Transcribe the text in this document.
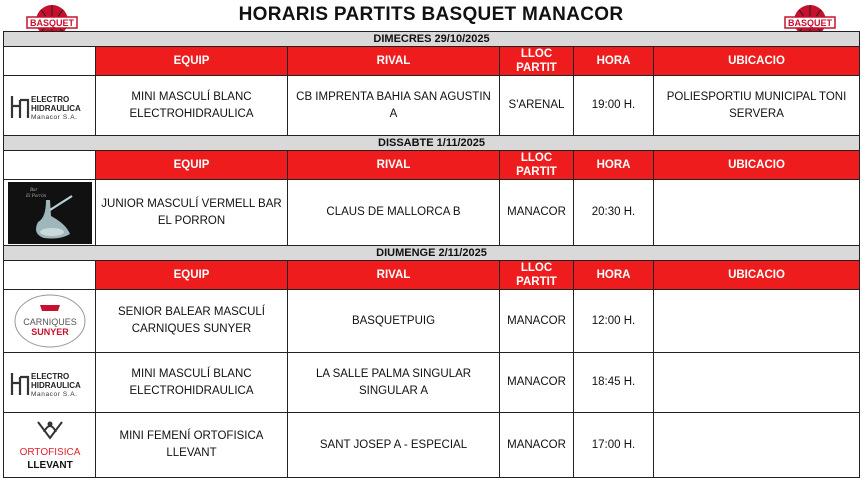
HORARIS PARTITS BASQUET MANACOR
BASQUET	BASQUET
DIMECRES 29/10/2025					
	EQUIP	RIVAL	LLOC PARTIT	HORA	UBICACIO

ELECTRO
HIDRAULICA
Manacor S.A.	MINI MASCULÍ BLANC ELECTROHIDRAULICA	CB IMPRENTA BAHIA SAN AGUSTIN A	S'ARENAL	19:00 H.	POLIESPORTIU MUNICIPAL TONI SERVERA
DISSABTE 1/11/2025					
	EQUIP	RIVAL	LLOC PARTIT	HORA	UBICACIO

Bar
El Porrón	JUNIOR MASCULÍ VERMELL BAR EL PORRON	CLAUS DE MALLORCA B	MANACOR	20:30 H.	
DIUMENGE 2/11/2025					
	EQUIP	RIVAL	LLOC PARTIT	HORA	UBICACIO

CARNIQUES
SUNYER	SENIOR BALEAR MASCULÍ CARNIQUES SUNYER	BASQUETPUIG	MANACOR	12:00 H.	

ELECTRO
HIDRAULICA
Manacor S.A.	MINI MASCULÍ BLANC ELECTROHIDRAULICA	LA SALLE PALMA SINGULAR SINGULAR A	MANACOR	18:45 H.	

ORTOFISICA
LLEVANT	MINI FEMENÍ ORTOFISICA LLEVANT	SANT JOSEP A - ESPECIAL	MANACOR	17:00 H.	
